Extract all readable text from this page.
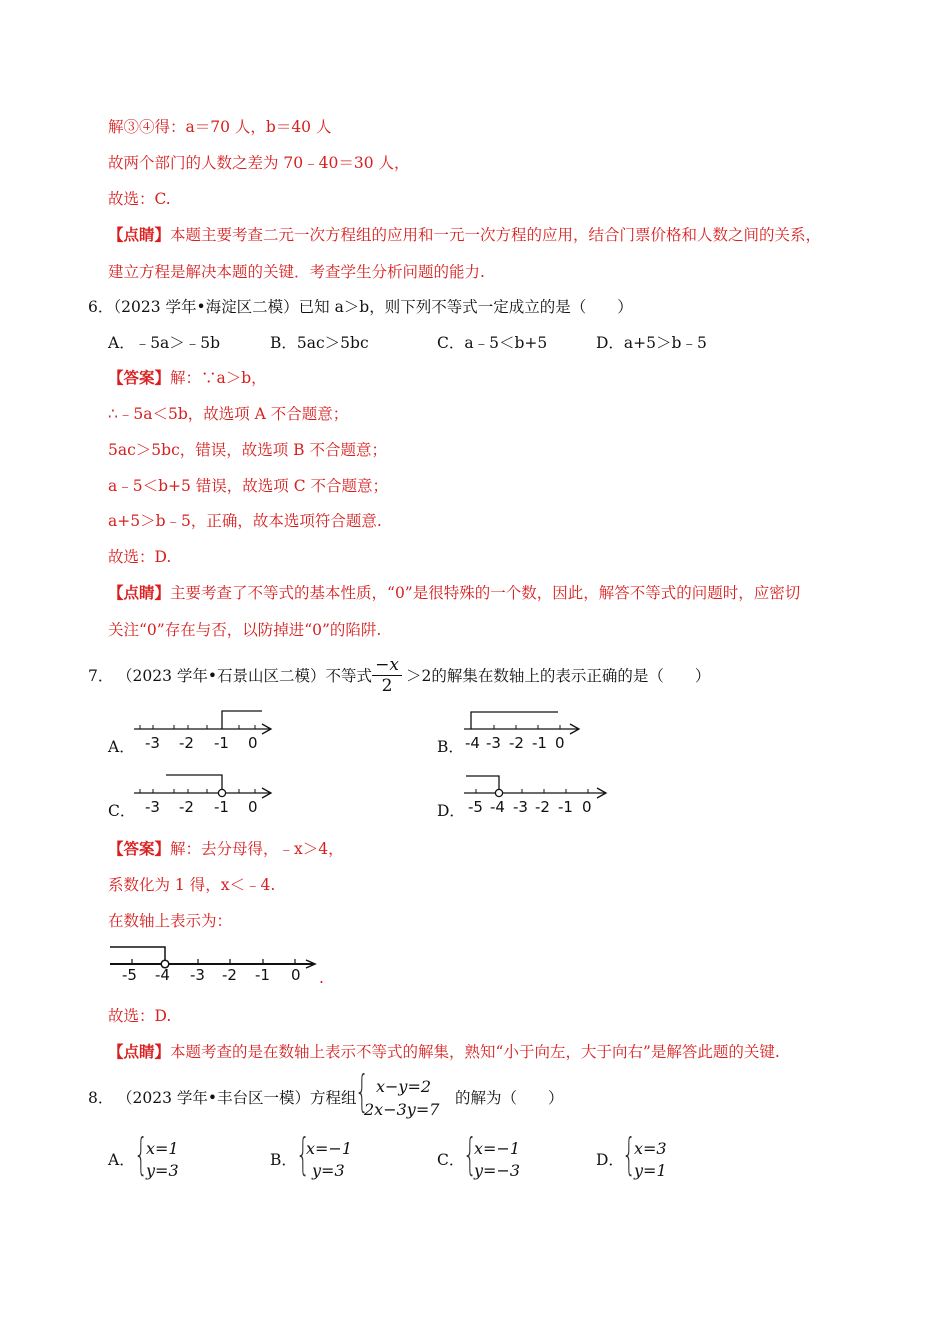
解③④得：a＝70 人，b＝40 人
故两个部门的人数之差为 70﹣40＝30 人，
故选：C.
【点睛】本题主要考查二元一次方程组的应用和一元一次方程的应用，结合门票价格和人数之间的关系，
建立方程是解决本题的关键．考查学生分析问题的能力.
6．（2023 学年•海淀区二模）已知 a＞b，则下列不等式一定成立的是（　　）
A．﹣5a＞﹣5b	B．5ac＞5bc	C．a﹣5＜b+5	D．a+5＞b﹣5
【答案】解：∵a＞b，
∴﹣5a＜5b，故选项 A 不合题意；
5ac＞5bc，错误，故选项 B 不合题意；
a﹣5＜b+5 错误，故选项 C 不合题意；
a+5＞b﹣5，正确，故本选项符合题意.
故选：D.
【点睛】主要考查了不等式的基本性质，“0”是很特殊的一个数，因此，解答不等式的问题时，应密切
关注“0”存在与否，以防掉进“0”的陷阱.
7． （2023 学年•石景山区二模）不等式 $\frac{-x}{2} >2$的解集在数轴上的表示正确的是（　　）
A．	B．
C．	D．
-3 -2 -1 0	-4 -3 -2 -1 0
-3 -2 -1 0	-5 -4 -3 -2 -1 0
【答案】解：去分母得，﹣x＞4，
系数化为 1 得，x＜﹣4.
在数轴上表示为：
-5 -4 -3 -2 -1 0 .
故选：D.
【点睛】本题考查的是在数轴上表示不等式的解集，熟知“小于向左，大于向右”是解答此题的关键.
8． （2023 学年•丰台区一模）方程组
{ x−y=2
2x−3y=7
的解为（　　）
A． {
x=1
y=3
B． {
x=−1
y=3
C．
{
x=−1
y=−3
D．
{
x=3
y=1
